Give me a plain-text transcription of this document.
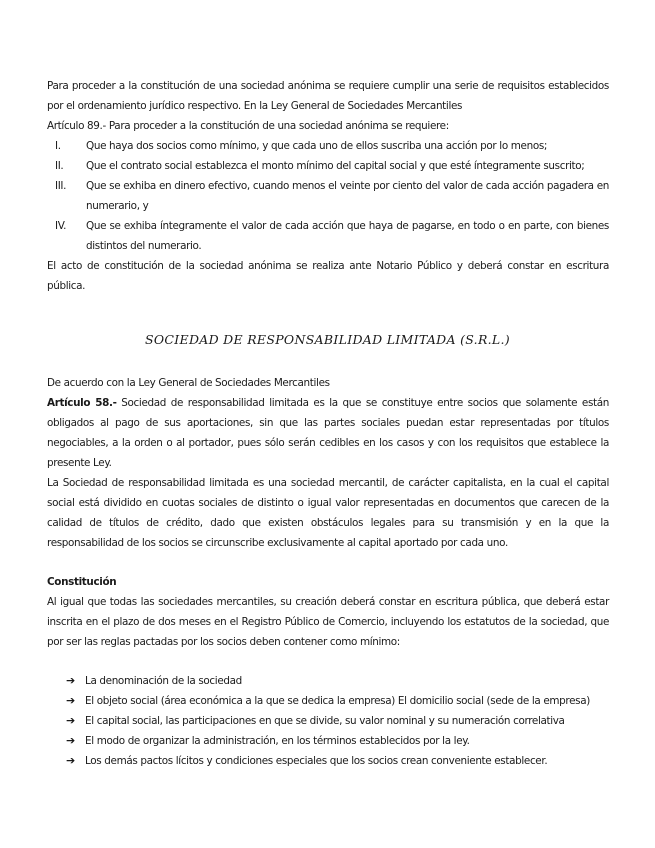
Para proceder a la constitución de una sociedad anónima se requiere cumplir una serie de requisitos establecidos por el ordenamiento jurídico respectivo. En la Ley General de Sociedades Mercantiles

Artículo 89.- Para proceder a la constitución de una sociedad anónima se requiere:

I.	Que haya dos socios como mínimo, y que cada uno de ellos suscriba una acción por lo menos;
II.	Que el contrato social establezca el monto mínimo del capital social y que esté íntegramente suscrito;
III.	Que se exhiba en dinero efectivo, cuando menos el veinte por ciento del valor de cada acción pagadera en numerario, y
IV.	Que se exhiba íntegramente el valor de cada acción que haya de pagarse, en todo o en parte, con bienes distintos del numerario.

El acto de constitución de la sociedad anónima se realiza ante Notario Público y deberá constar en escritura pública.

SOCIEDAD DE RESPONSABILIDAD LIMITADA (S.R.L.)

De acuerdo con la Ley General de Sociedades Mercantiles

Artículo 58.- Sociedad de responsabilidad limitada es la que se constituye entre socios que solamente están obligados al pago de sus aportaciones, sin que las partes sociales puedan estar representadas por títulos negociables, a la orden o al portador, pues sólo serán cedibles en los casos y con los requisitos que establece la presente Ley.

La Sociedad de responsabilidad limitada es una sociedad mercantil, de carácter capitalista, en la cual el capital social está dividido en cuotas sociales de distinto o igual valor representadas en documentos que carecen de la calidad de títulos de crédito, dado que existen obstáculos legales para su transmisión y en la que la responsabilidad de los socios se circunscribe exclusivamente al capital aportado por cada uno.

Constitución

Al igual que todas las sociedades mercantiles, su creación deberá constar en escritura pública, que deberá estar inscrita en el plazo de dos meses en el Registro Público de Comercio, incluyendo los estatutos de la sociedad, que por ser las reglas pactadas por los socios deben contener como mínimo:

➔ La denominación de la sociedad
➔ El objeto social (área económica a la que se dedica la empresa) El domicilio social (sede de la empresa)
➔ El capital social, las participaciones en que se divide, su valor nominal y su numeración correlativa
➔ El modo de organizar la administración, en los términos establecidos por la ley.
➔ Los demás pactos lícitos y condiciones especiales que los socios crean conveniente establecer.
